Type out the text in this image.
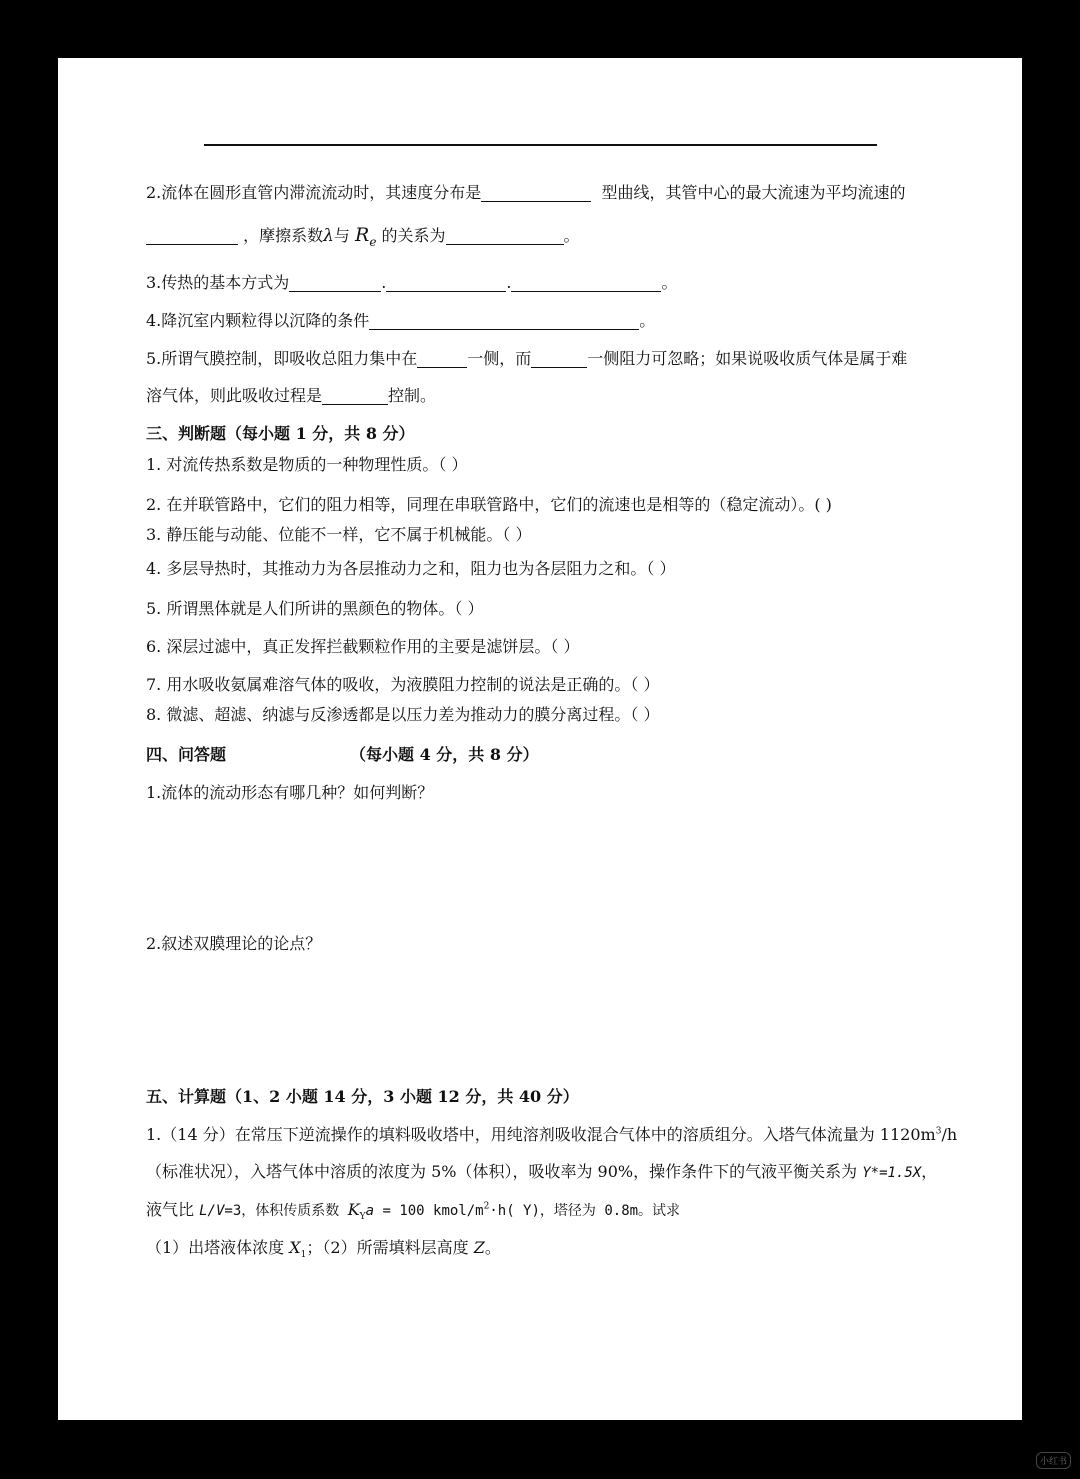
2.流体在圆形直管内滞流流动时，其速度分布是	型曲线，其管中心的最大流速为平均流速的
，摩擦系数λ与 $R_e$ 的关系为	。
3.传热的基本方式为	.	.	。
4.降沉室内颗粒得以沉降的条件	。
5.所谓气膜控制，即吸收总阻力集中在	一侧，而	一侧阻力可忽略；如果说吸收质气体是属于难
溶气体，则此吸收过程是	控制。
三、判断题（每小题 1 分，共 8 分）
1. 对流传热系数是物质的一种物理性质。（ ）
2. 在并联管路中，它们的阻力相等，同理在串联管路中，它们的流速也是相等的（稳定流动）。( )
3. 静压能与动能、位能不一样，它不属于机械能。（ ）
4. 多层导热时，其推动力为各层推动力之和，阻力也为各层阻力之和。（ ）
5. 所谓黑体就是人们所讲的黑颜色的物体。（ ）
6. 深层过滤中，真正发挥拦截颗粒作用的主要是滤饼层。（ ）
7. 用水吸收氨属难溶气体的吸收，为液膜阻力控制的说法是正确的。（ ）
8. 微滤、超滤、纳滤与反渗透都是以压力差为推动力的膜分离过程。（ ）
四、问答题	（每小题 4 分，共 8 分）
1.流体的流动形态有哪几种？如何判断？
2.叙述双膜理论的论点？
五、计算题（1、2 小题 14 分，3 小题 12 分，共 40 分）
1.（14 分）在常压下逆流操作的填料吸收塔中，用纯溶剂吸收混合气体中的溶质组分。入塔气体流量为 $1120m^3/h$
（标准状况），入塔气体中溶质的浓度为 5%（体积），吸收率为 90%，操作条件下的气液平衡关系为 Y*=1.5X，
液气比 L/V=3，体积传质系数 $K_Ya = 100$ kmol/$m^2\cdot h$( Y)，塔径为 0.8m。试求
（1）出塔液体浓度 $X_1$；（2）所需填料层高度 Z。
小红书
